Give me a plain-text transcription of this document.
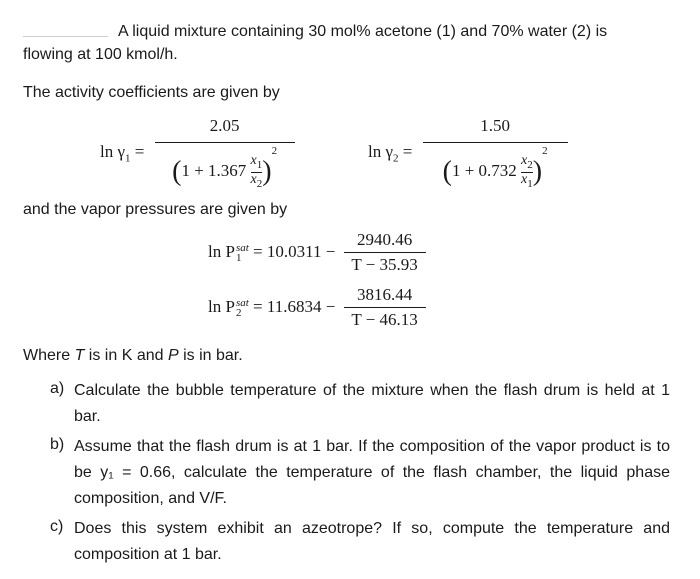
A liquid mixture containing 30 mol% acetone (1) and 70% water (2) is
flowing at 100 kmol/h.
The activity coefficients are given by
$\ln \gamma_1 = \frac{2.05}{(1 + 1.367 \frac{x_1}{x_2} )^2}$	$\ln \gamma_2 = \frac{1.50}{(1 + 0.732 \frac{x_2}{x_1} )^2}$
and the vapor pressures are given by
ln P sat
$1 = 10.0311 - \frac{2940.46}{T - 35.93}$
ln P sat
$2 = 11.6834 - \frac{3816.44}{T - 46.13}$
Where T is in K and P is in bar.
a) Calculate the bubble temperature of the mixture when the flash drum is held at 1 bar.
b) Assume that the flash drum is at 1 bar. If the composition of the vapor product is to be y₁ = 0.66, calculate the temperature of the flash chamber, the liquid phase composition, and V/F.
c) Does this system exhibit an azeotrope? If so, compute the temperature and composition at 1 bar.
